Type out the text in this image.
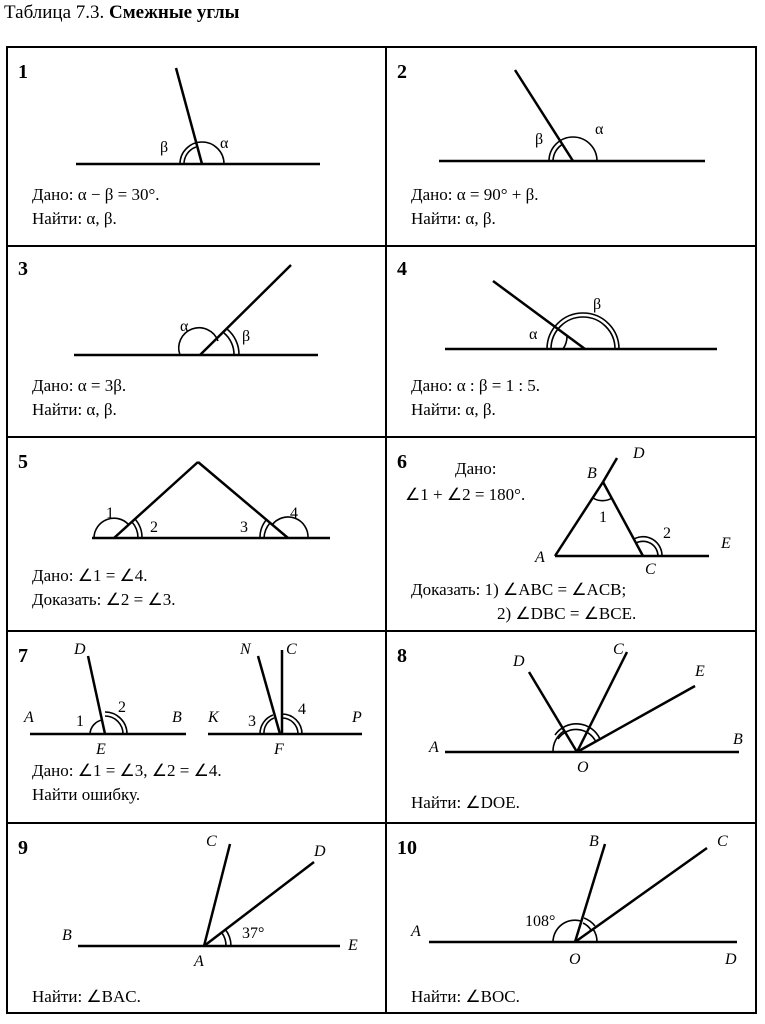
Таблица 7.3. Смежные углы
1
β	α
Дано: α − β = 30°.
Найти: α, β.
2
β
α
Дано: α = 90° + β.
Найти: α, β.
3
α
β
Дано: α = 3β.
Найти: α, β.
4
α
β
Дано: α : β = 1 : 5.
Найти: α, β.
5
1
2	3
4
Дано: ∠1 = ∠4.
Доказать: ∠2 = ∠3.
6	Дано:
∠1 + ∠2 = 180°.
B
D
1
2
E
A
C
Доказать: 1) ∠ABC = ∠ACB;
2) ∠DBC = ∠BCE.
7	D
A	1
2
B
E
N C
K 3
4	P
F
Дано: ∠1 = ∠3, ∠2 = ∠4.
Найти ошибку.
8	D
C
E
A	B
O
Найти: ∠DOE.
9	C
D
37°
B
E
A
Найти: ∠BAC.
10	B	C
108°
A
D
O
Найти: ∠BOC.
